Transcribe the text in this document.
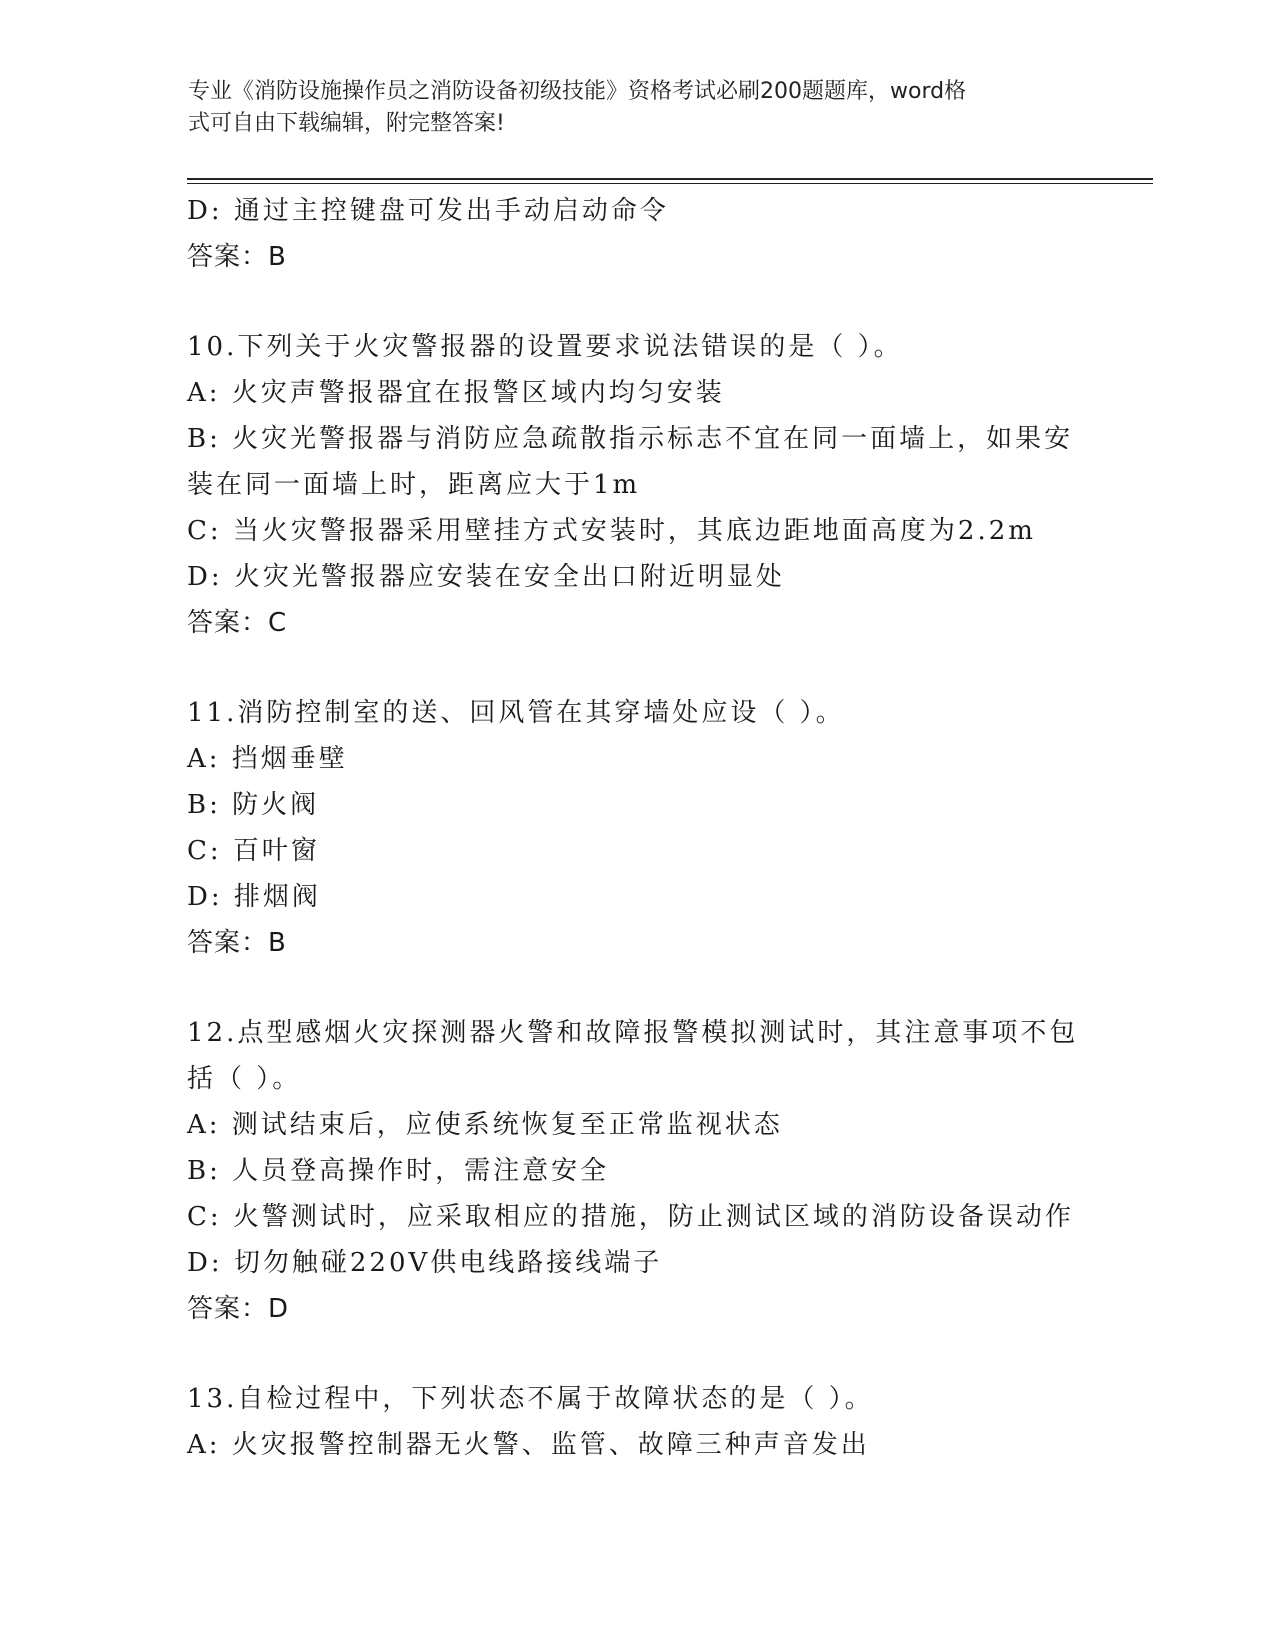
专业《消防设施操作员之消防设备初级技能》资格考试必刷200题题库，word格
式可自由下载编辑，附完整答案!
D: 通过主控键盘可发出手动启动命令
答案：B
10.下列关于火灾警报器的设置要求说法错误的是（ ）。
A: 火灾声警报器宜在报警区域内均匀安装
B: 火灾光警报器与消防应急疏散指示标志不宜在同一面墙上，如果安
装在同一面墙上时，距离应大于1m
C: 当火灾警报器采用壁挂方式安装时，其底边距地面高度为2.2m
D: 火灾光警报器应安装在安全出口附近明显处
答案：C
11.消防控制室的送、回风管在其穿墙处应设（ ）。
A: 挡烟垂壁
B: 防火阀
C: 百叶窗
D: 排烟阀
答案：B
12.点型感烟火灾探测器火警和故障报警模拟测试时，其注意事项不包
括（ ）。
A: 测试结束后，应使系统恢复至正常监视状态
B: 人员登高操作时，需注意安全
C: 火警测试时，应采取相应的措施，防止测试区域的消防设备误动作
D: 切勿触碰220V供电线路接线端子
答案：D
13.自检过程中，下列状态不属于故障状态的是（ ）。
A: 火灾报警控制器无火警、监管、故障三种声音发出
